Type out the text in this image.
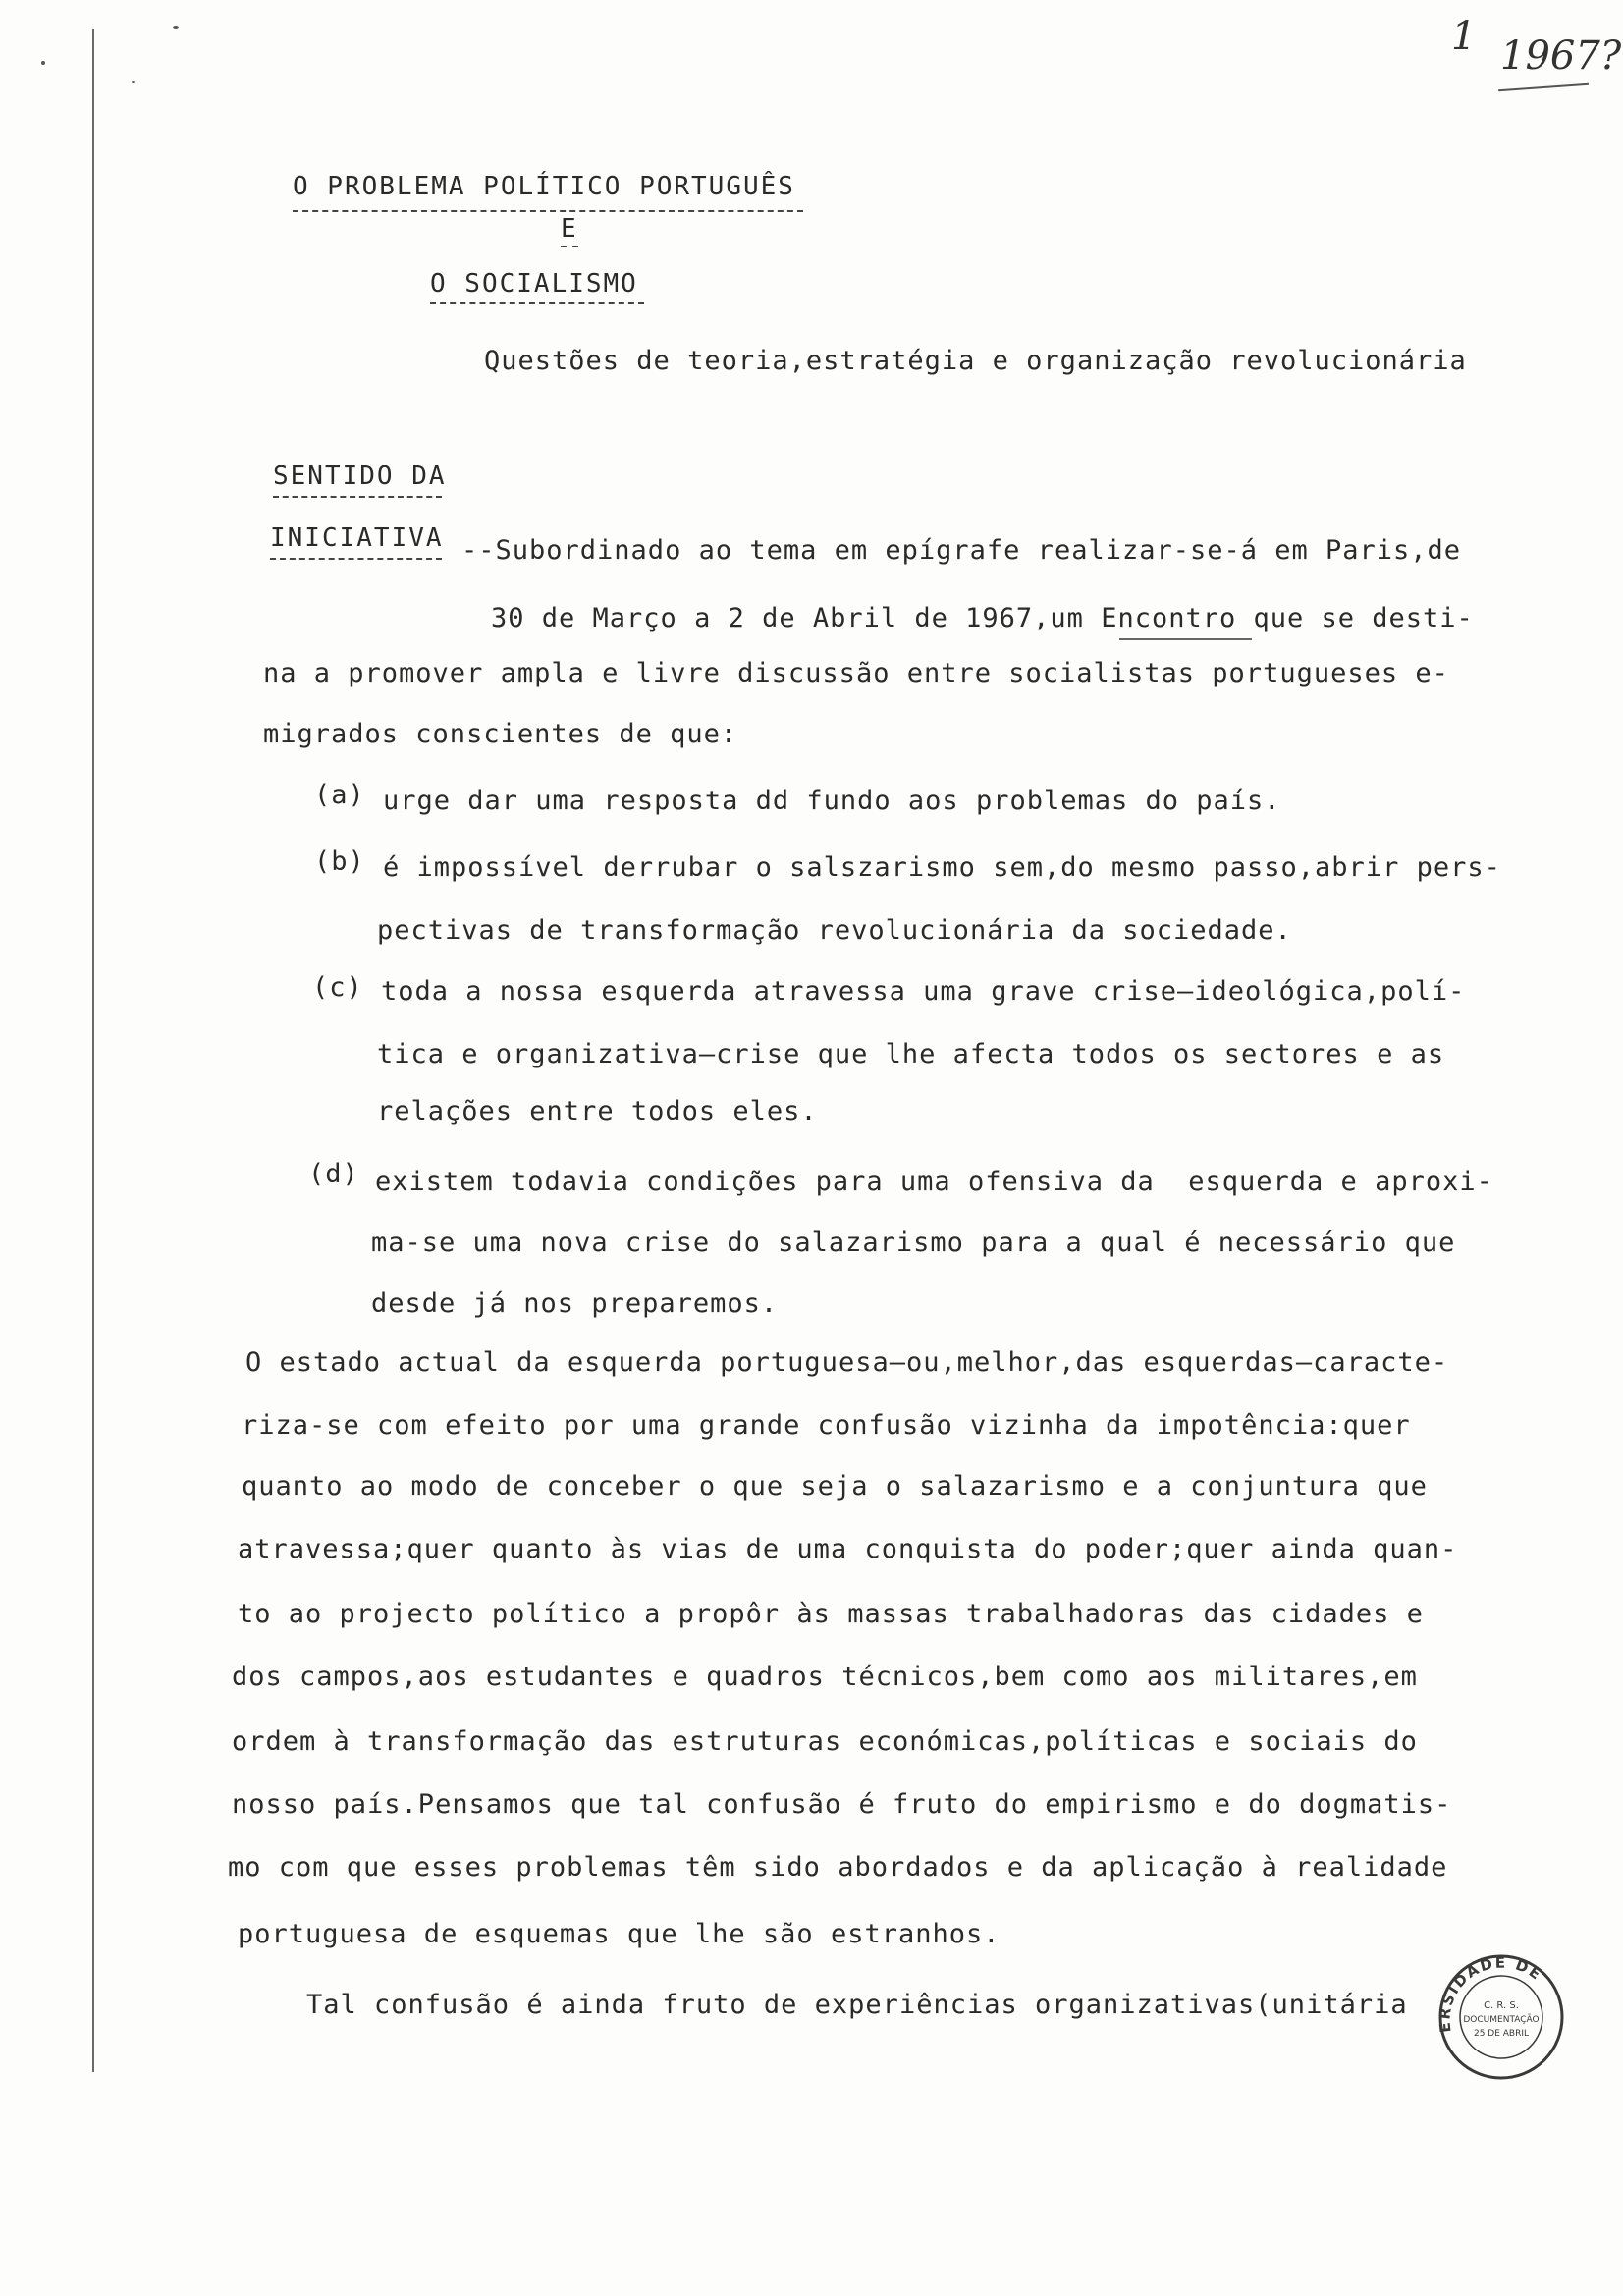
1 1967?
O PROBLEMA POLÍTICO PORTUGUÊS
E
O SOCIALISMO
Questões de teoria,estratégia e organização revolucionária
SENTIDO DA
INICIATIVA --Subordinado ao tema em epígrafe realizar-se-á em Paris,de
30 de Março a 2 de Abril de 1967,um Encontro que se desti-
na a promover ampla e livre discussão entre socialistas portugueses e-
migrados conscientes de que:
(a) urge dar uma resposta dd fundo aos problemas do país.
(b) é impossível derrubar o salszarismo sem,do mesmo passo,abrir pers-
pectivas de transformação revolucionária da sociedade.
(c) toda a nossa esquerda atravessa uma grave crise—ideológica,polí-
tica e organizativa—crise que lhe afecta todos os sectores e as
relações entre todos eles.
(d) existem todavia condições para uma ofensiva da  esquerda e aproxi-
ma-se uma nova crise do salazarismo para a qual é necessário que
desde já nos preparemos.
O estado actual da esquerda portuguesa—ou,melhor,das esquerdas—caracte-
riza-se com efeito por uma grande confusão vizinha da impotência:quer
quanto ao modo de conceber o que seja o salazarismo e a conjuntura que
atravessa;quer quanto às vias de uma conquista do poder;quer ainda quan-
to ao projecto político a propôr às massas trabalhadoras das cidades e
dos campos,aos estudantes e quadros técnicos,bem como aos militares,em
ordem à transformação das estruturas económicas,políticas e sociais do
nosso país.Pensamos que tal confusão é fruto do empirismo e do dogmatis-
mo com que esses problemas têm sido abordados e da aplicação à realidade
portuguesa de esquemas que lhe são estranhos.
Tal confusão é ainda fruto de experiências organizativas(unitária
ERSIDADE DE
C. R. S.
DOCUMENTAÇÃO
25 DE ABRIL
